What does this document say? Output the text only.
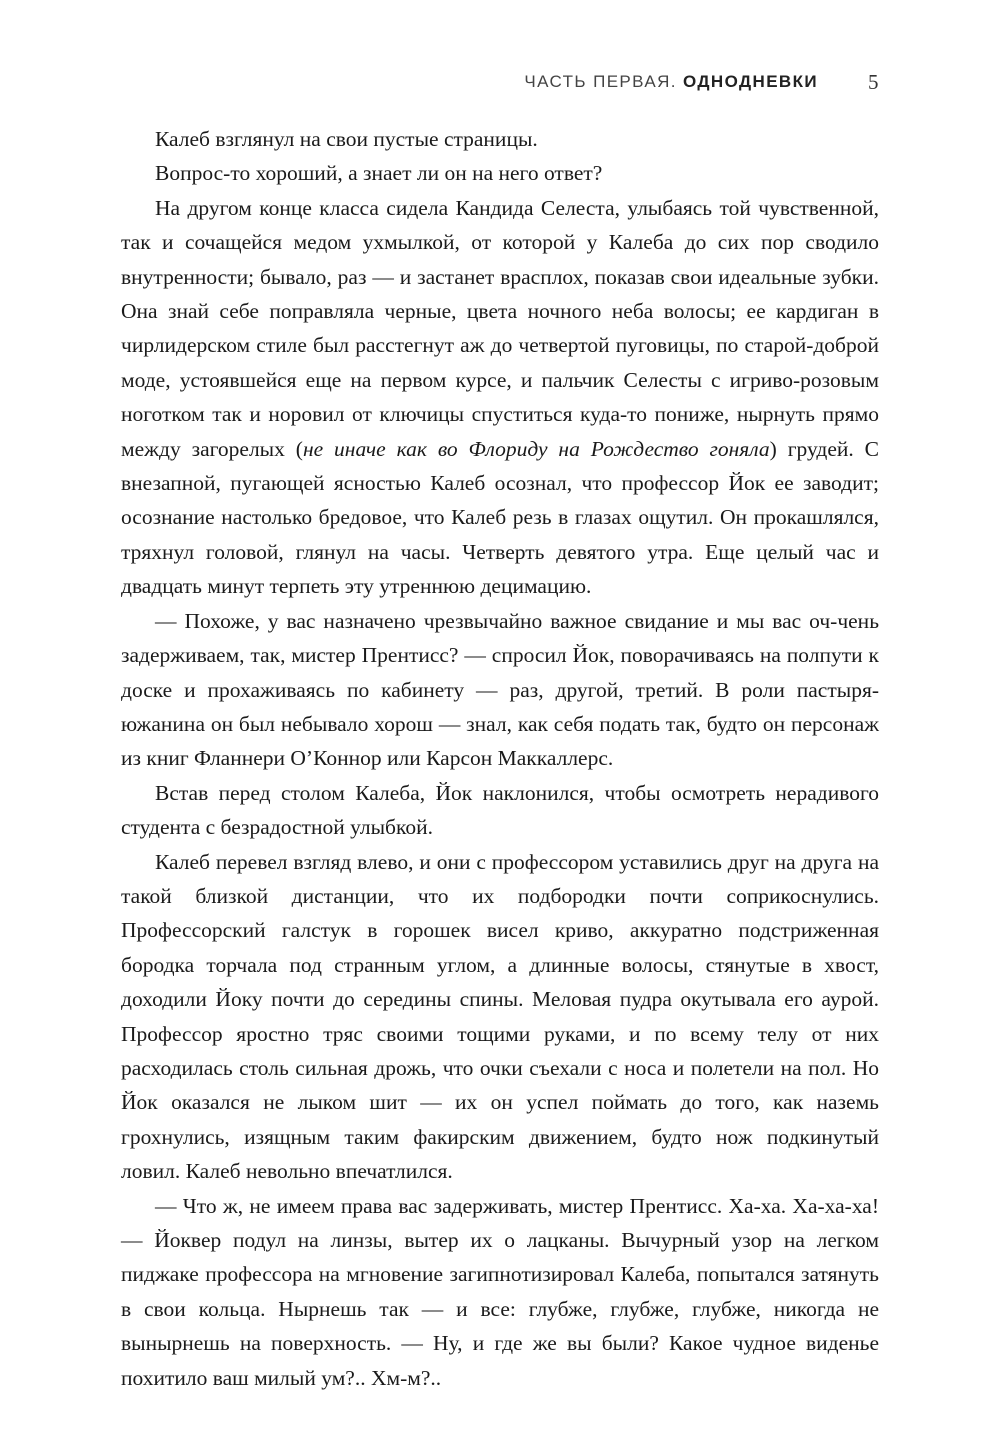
ЧАСТЬ ПЕРВАЯ. ОДНОДНЕВКИ 5

Калеб взглянул на свои пустые страницы.

Вопрос-то хороший, а знает ли он на него ответ?

На другом конце класса сидела Кандида Селеста, улыбаясь той чувственной, так и сочащейся медом ухмылкой, от которой у Калеба до сих пор сводило внутренности; бывало, раз — и застанет врасплох, показав свои идеальные зубки. Она знай себе поправляла черные, цвета ночного неба волосы; ее кардиган в чирлидерском стиле был расстегнут аж до четвертой пуговицы, по старой-доброй моде, устоявшейся еще на первом курсе, и пальчик Селесты с игриво-розовым ноготком так и норовил от ключицы спуститься куда-то пониже, нырнуть прямо между загорелых (не иначе как во Флориду на Рождество гоняла) грудей. С внезапной, пугающей ясностью Калеб осознал, что профессор Йок ее заводит; осознание настолько бредовое, что Калеб резь в глазах ощутил. Он прокашлялся, тряхнул головой, глянул на часы. Четверть девятого утра. Еще целый час и двадцать минут терпеть эту утреннюю децимацию.

— Похоже, у вас назначено чрезвычайно важное свидание и мы вас оч-чень задерживаем, так, мистер Прентисс? — спросил Йок, поворачиваясь на полпути к доске и прохаживаясь по кабинету — раз, другой, третий. В роли пастыря-южанина он был небывало хорош — знал, как себя подать так, будто он персонаж из книг Фланнери О’Коннор или Карсон Маккаллерс.

Встав перед столом Калеба, Йок наклонился, чтобы осмотреть нерадивого студента с безрадостной улыбкой.

Калеб перевел взгляд влево, и они с профессором уставились друг на друга на такой близкой дистанции, что их подбородки почти соприкоснулись. Профессорский галстук в горошек висел криво, аккуратно подстриженная бородка торчала под странным углом, а длинные волосы, стянутые в хвост, доходили Йоку почти до середины спины. Меловая пудра окутывала его аурой. Профессор яростно тряс своими тощими руками, и по всему телу от них расходилась столь сильная дрожь, что очки съехали с носа и полетели на пол. Но Йок оказался не лыком шит — их он успел поймать до того, как наземь грохнулись, изящным таким факирским движением, будто нож подкинутый ловил. Калеб невольно впечатлился.

— Что ж, не имеем права вас задерживать, мистер Прентисс. Ха-ха. Ха-ха-ха! — Йоквер подул на линзы, вытер их о лацканы. Вычурный узор на легком пиджаке профессора на мгновение загипнотизировал Калеба, попытался затянуть в свои кольца. Нырнешь так — и все: глубже, глубже, глубже, никогда не вынырнешь на поверхность. — Ну, и где же вы были? Какое чудное виденье похитило ваш милый ум?.. Хм-м?..
